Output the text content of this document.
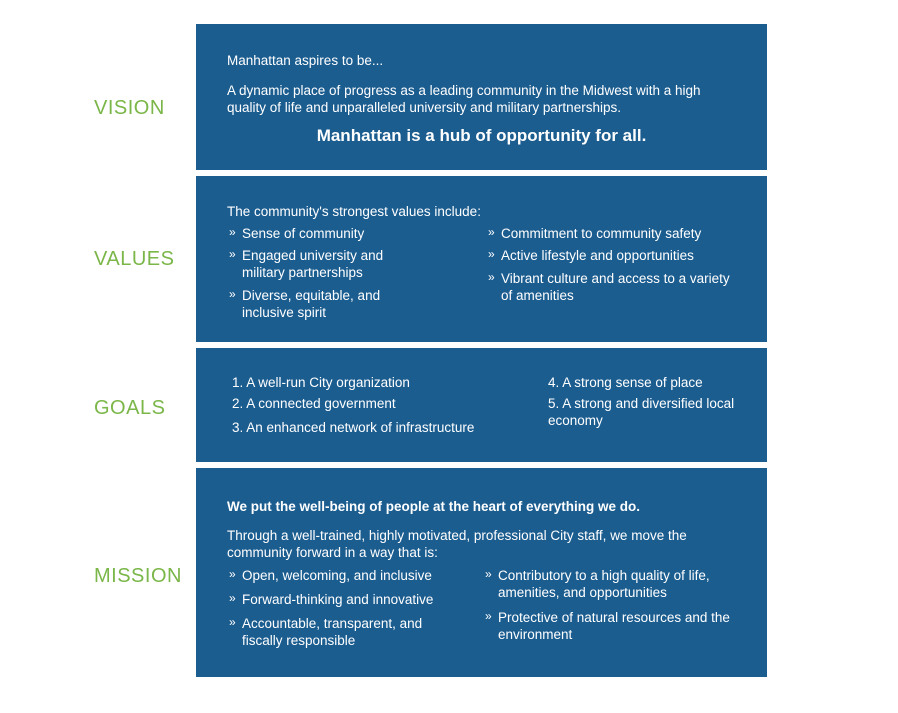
VISION
VALUES
GOALS
MISSION
Manhattan aspires to be...
A dynamic place of progress as a leading community in the Midwest with a high quality of life and unparalleled university and military partnerships.
Manhattan is a hub of opportunity for all.
The community's strongest values include:
» Sense of community
» Engaged university and military partnerships
» Diverse, equitable, and inclusive spirit
» Commitment to community safety
» Active lifestyle and opportunities
» Vibrant culture and access to a variety of amenities
1. A well-run City organization
2. A connected government
3. An enhanced network of infrastructure
4. A strong sense of place
5. A strong and diversified local economy
We put the well-being of people at the heart of everything we do.
Through a well-trained, highly motivated, professional City staff, we move the community forward in a way that is:
» Open, welcoming, and inclusive
» Forward-thinking and innovative
» Accountable, transparent, and fiscally responsible
» Contributory to a high quality of life, amenities, and opportunities
» Protective of natural resources and the environment
